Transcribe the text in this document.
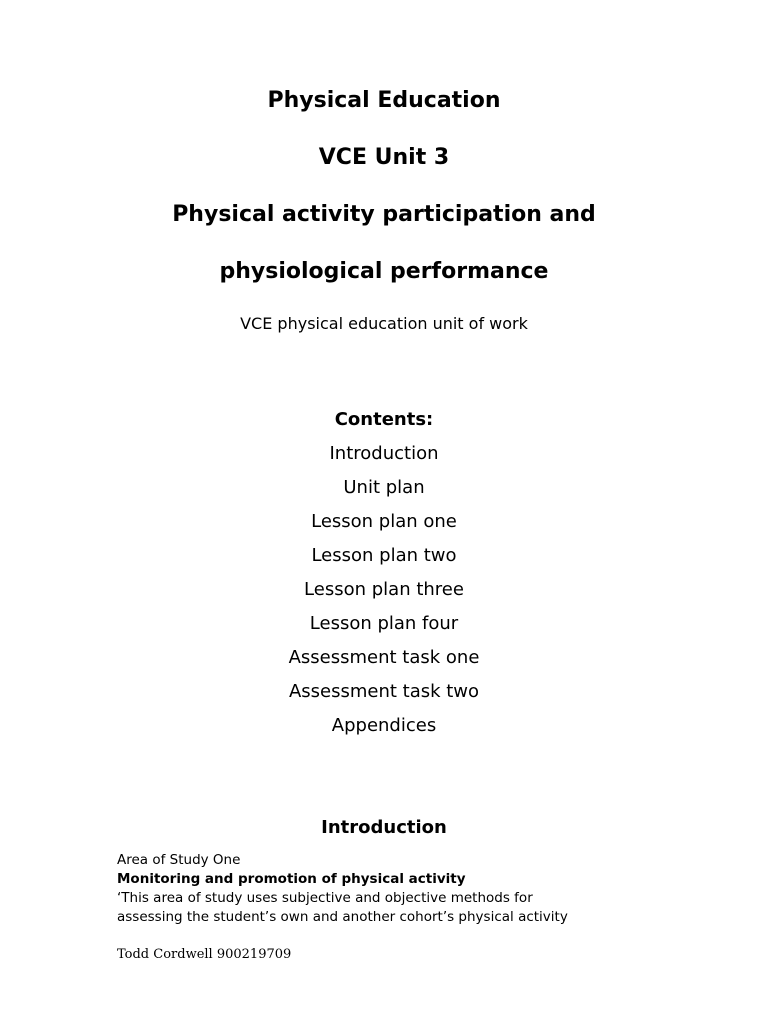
Physical Education
VCE Unit 3
Physical activity participation and
physiological performance
VCE physical education unit of work
Contents:
Introduction
Unit plan
Lesson plan one
Lesson plan two
Lesson plan three
Lesson plan four
Assessment task one
Assessment task two
Appendices
Introduction
Area of Study One
Monitoring and promotion of physical activity
‘This area of study uses subjective and objective methods for
assessing the student’s own and another cohort’s physical activity
Todd Cordwell 900219709
